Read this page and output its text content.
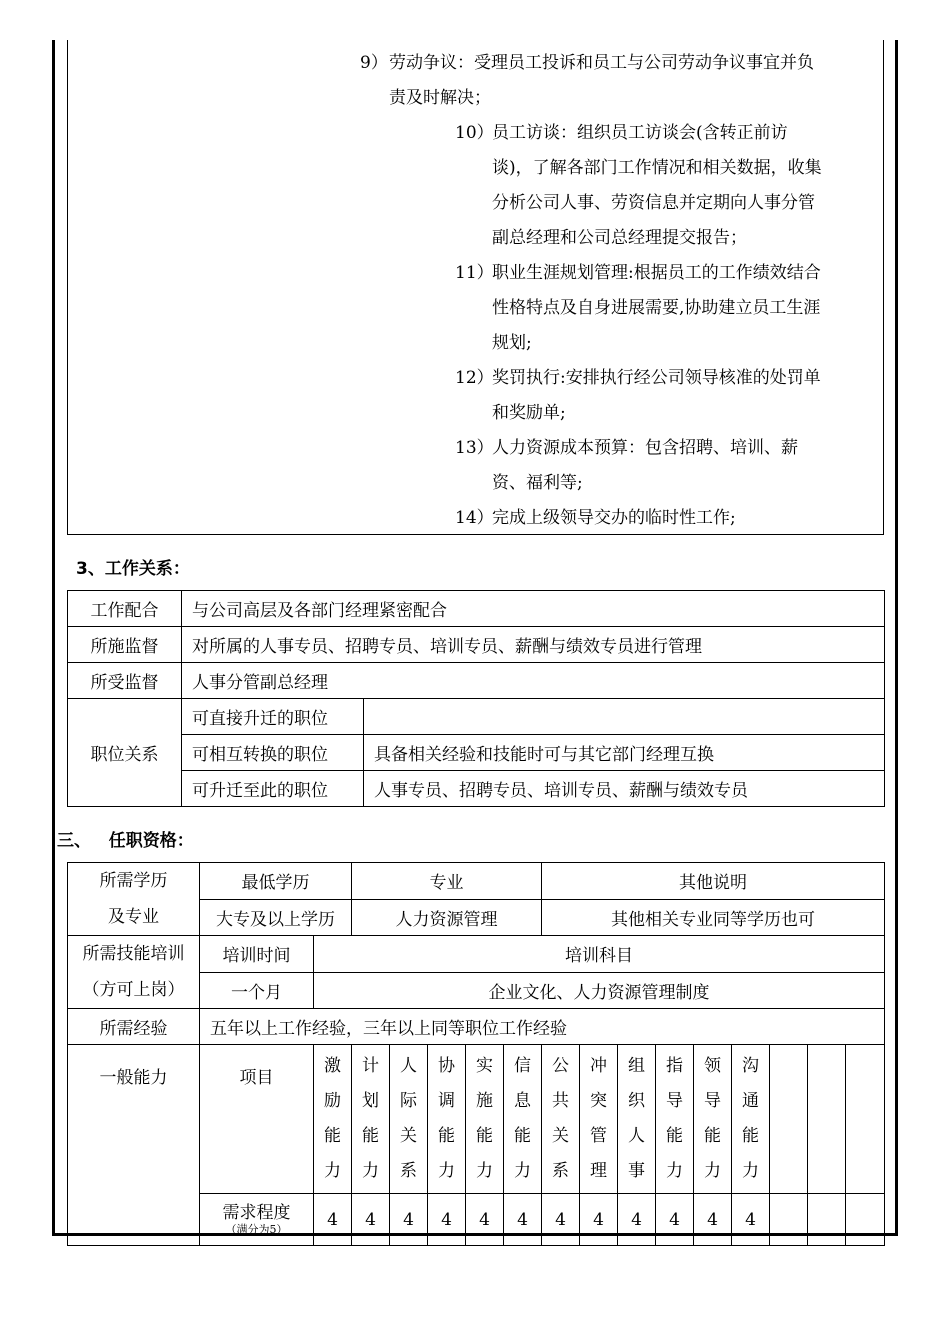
9） 劳动争议：受理员工投诉和员工与公司劳动争议事宜并负
责及时解决；
10）
员工访谈：组织员工访谈会(含转正前访
谈)，了解各部门工作情况和相关数据，收集
分析公司人事、劳资信息并定期向人事分管
副总经理和公司总经理提交报告；
11）
职业生涯规划管理:根据员工的工作绩效结合
性格特点及自身进展需要,协助建立员工生涯
规划;
12）
奖罚执行:安排执行经公司领导核准的处罚单
和奖励单;
13）
人力资源成本预算：包含招聘、培训、薪
资、福利等;
14）
完成上级领导交办的临时性工作;
3、工作关系：
工作配合	与公司高层及各部门经理紧密配合	
所施监督	对所属的人事专员、招聘专员、培训专员、薪酬与绩效专员进行管理	
所受监督	人事分管副总经理	
职位关系	可直接升迁的职位	
	可相互转换的职位	具备相关经验和技能时可与其它部门经理互换
	可升迁至此的职位	人事专员、招聘专员、培训专员、薪酬与绩效专员
三、   任职资格：
所需学历
及专业	最低学历		专业					其他说明								
	大专及以上学历		人力资源管理					其他相关专业同等学历也可								

所需技能培训
（方可上岗）	培训时间	培训科目														
	一个月	企业文化、人力资源管理制度														
所需经验	五年以上工作经验，三年以上同等职位工作经验															
一般能力	项目	激
励
能
力	计
划
能
力	人
际
关
系	协
调
能
力	实
施
能
力	信
息
能
力	公
共
关
系	冲
突
管
理	组
织
人
事	指
导
能
力	领
导
能
力	沟
通
能
力			

	需求程度
（满分为5）	4	4	4	4	4	4	4	4	4	4	4	4			
